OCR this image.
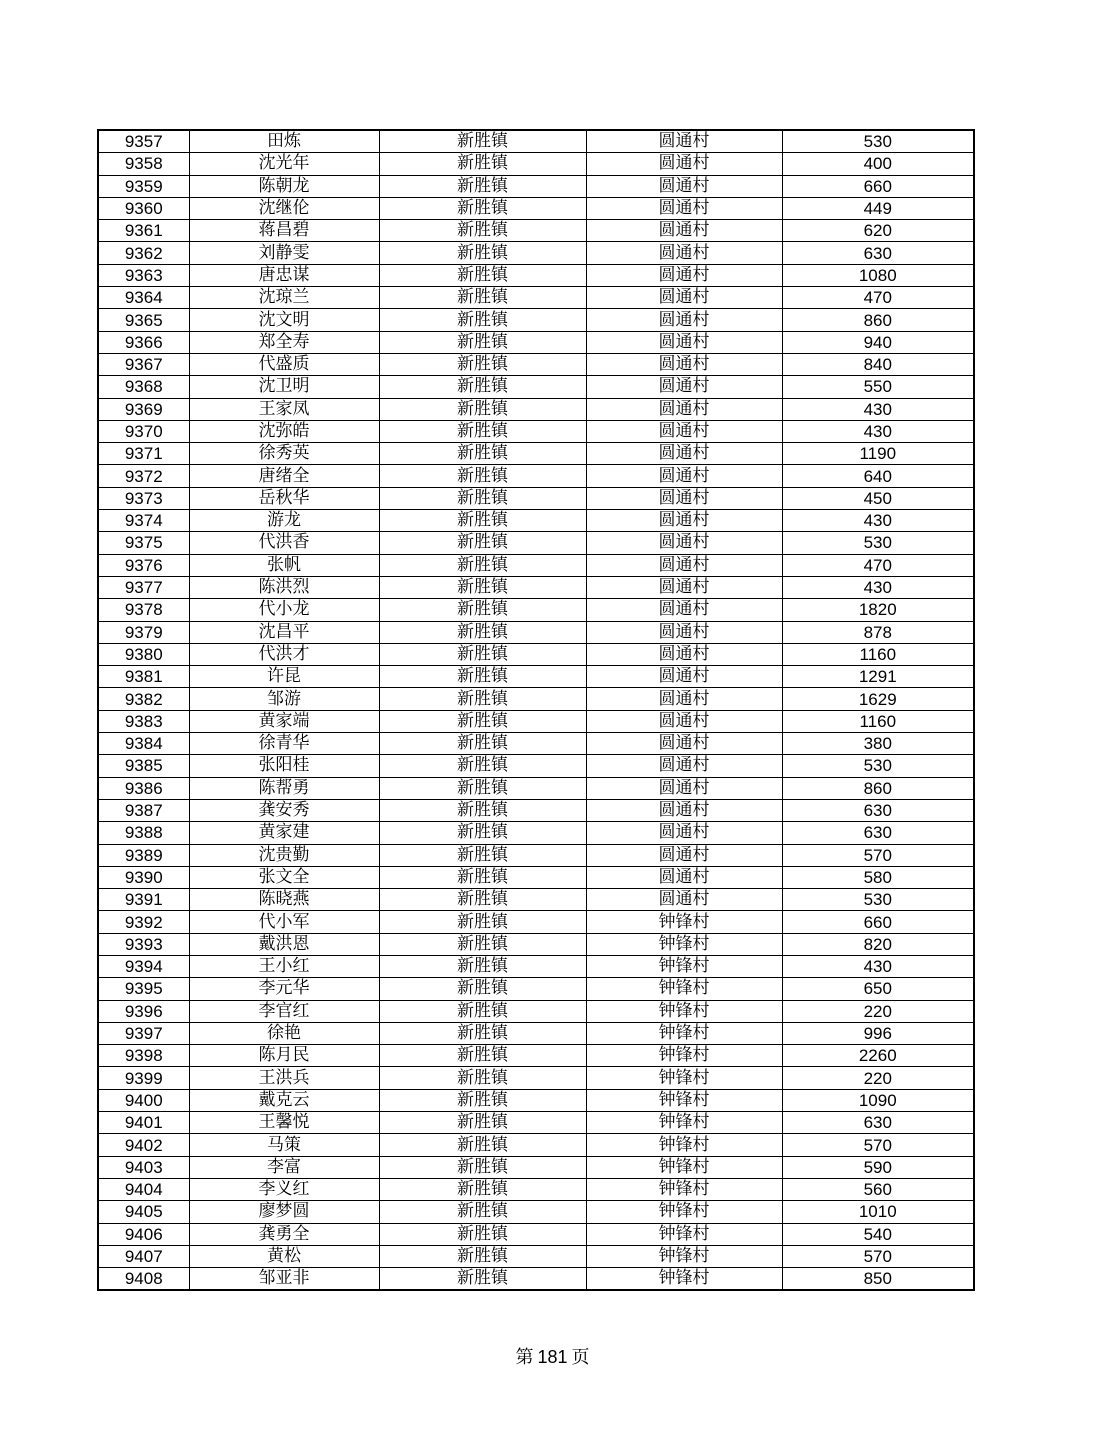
9357	田炼	新胜镇	圆通村	530
9358	沈光年	新胜镇	圆通村	400
9359	陈朝龙	新胜镇	圆通村	660
9360	沈继伦	新胜镇	圆通村	449
9361	蒋昌碧	新胜镇	圆通村	620
9362	刘静雯	新胜镇	圆通村	630
9363	唐忠谋	新胜镇	圆通村	1080
9364	沈琼兰	新胜镇	圆通村	470
9365	沈文明	新胜镇	圆通村	860
9366	郑全寿	新胜镇	圆通村	940
9367	代盛质	新胜镇	圆通村	840
9368	沈卫明	新胜镇	圆通村	550
9369	王家凤	新胜镇	圆通村	430
9370	沈弥皓	新胜镇	圆通村	430
9371	徐秀英	新胜镇	圆通村	1190
9372	唐绪全	新胜镇	圆通村	640
9373	岳秋华	新胜镇	圆通村	450
9374	游龙	新胜镇	圆通村	430
9375	代洪香	新胜镇	圆通村	530
9376	张帆	新胜镇	圆通村	470
9377	陈洪烈	新胜镇	圆通村	430
9378	代小龙	新胜镇	圆通村	1820
9379	沈昌平	新胜镇	圆通村	878
9380	代洪才	新胜镇	圆通村	1160
9381	许昆	新胜镇	圆通村	1291
9382	邹游	新胜镇	圆通村	1629
9383	黄家端	新胜镇	圆通村	1160
9384	徐青华	新胜镇	圆通村	380
9385	张阳桂	新胜镇	圆通村	530
9386	陈帮勇	新胜镇	圆通村	860
9387	龚安秀	新胜镇	圆通村	630
9388	黄家建	新胜镇	圆通村	630
9389	沈贵勤	新胜镇	圆通村	570
9390	张文全	新胜镇	圆通村	580
9391	陈晓燕	新胜镇	圆通村	530
9392	代小军	新胜镇	钟锋村	660
9393	戴洪恩	新胜镇	钟锋村	820
9394	王小红	新胜镇	钟锋村	430
9395	李元华	新胜镇	钟锋村	650
9396	李官红	新胜镇	钟锋村	220
9397	徐艳	新胜镇	钟锋村	996
9398	陈月民	新胜镇	钟锋村	2260
9399	王洪兵	新胜镇	钟锋村	220
9400	戴克云	新胜镇	钟锋村	1090
9401	王馨悦	新胜镇	钟锋村	630
9402	马策	新胜镇	钟锋村	570
9403	李富	新胜镇	钟锋村	590
9404	李义红	新胜镇	钟锋村	560
9405	廖梦圆	新胜镇	钟锋村	1010
9406	龚勇全	新胜镇	钟锋村	540
9407	黄松	新胜镇	钟锋村	570
9408	邹亚非	新胜镇	钟锋村	850
第 181 页
